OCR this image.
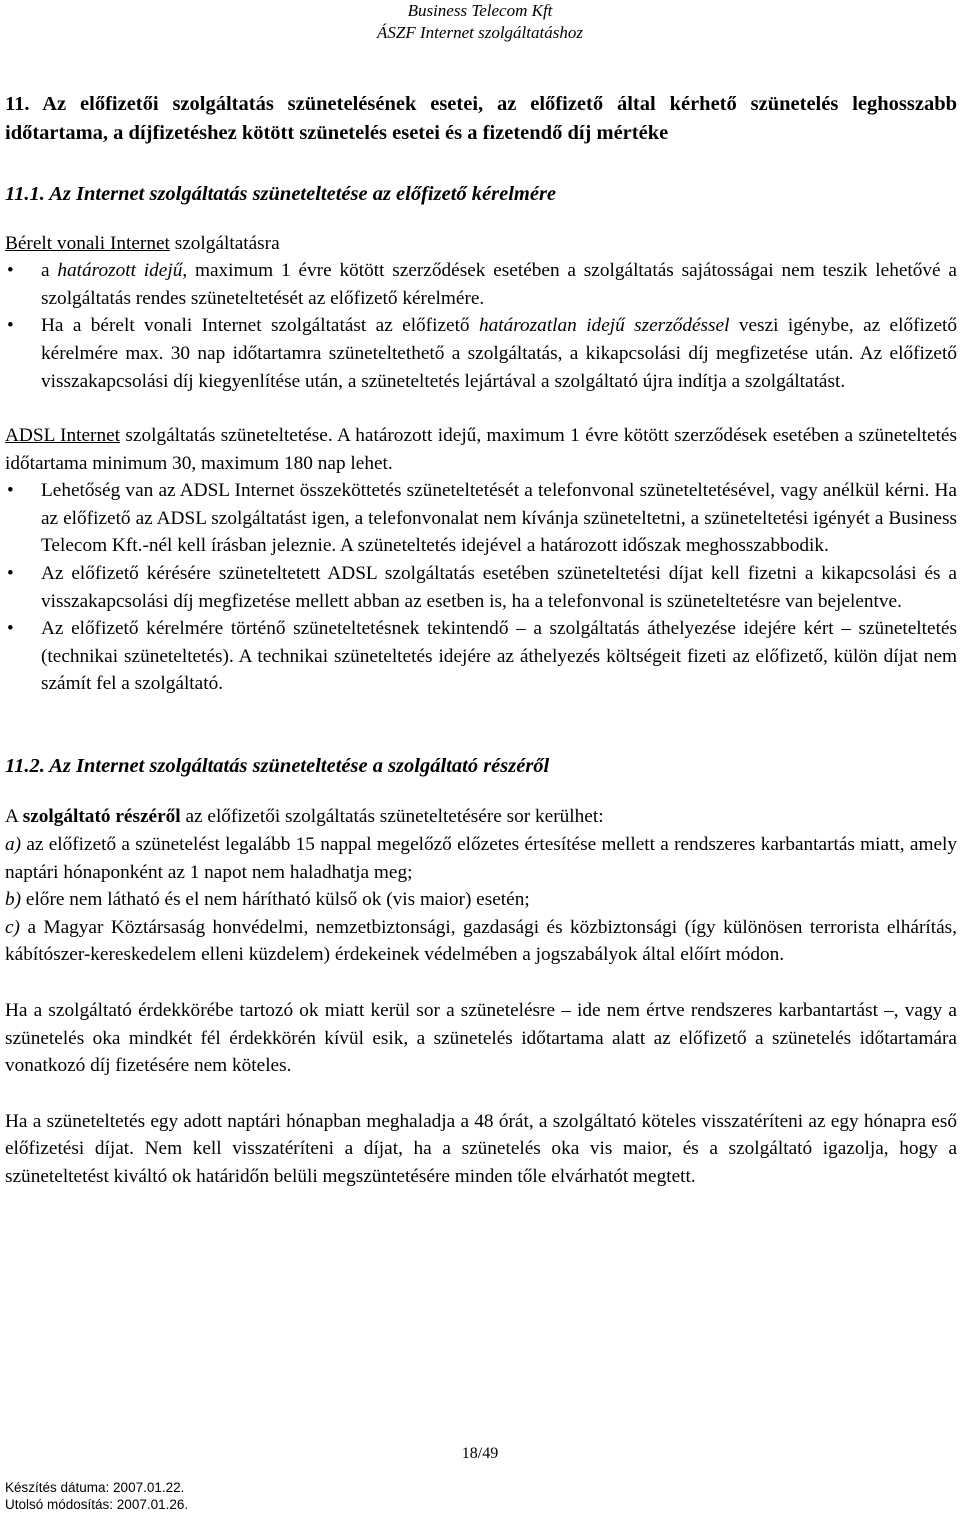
Business Telecom Kft
ÁSZF Internet szolgáltatáshoz

11. Az előfizetői szolgáltatás szünetelésének esetei, az előfizető által kérhető szünetelés leghosszabb időtartama, a díjfizetéshez kötött szünetelés esetei és a fizetendő díj mértéke

11.1. Az Internet szolgáltatás szüneteltetése az előfizető kérelmére

Bérelt vonali Internet szolgáltatásra

• a határozott idejű, maximum 1 évre kötött szerződések esetében a szolgáltatás sajátosságai nem teszik lehetővé a szolgáltatás rendes szüneteltetését az előfizető kérelmére.
• Ha a bérelt vonali Internet szolgáltatást az előfizető határozatlan idejű szerződéssel veszi igénybe, az előfizető kérelmére max. 30 nap időtartamra szüneteltethető a szolgáltatás, a kikapcsolási díj megfizetése után. Az előfizető visszakapcsolási díj kiegyenlítése után, a szüneteltetés lejártával a szolgáltató újra indítja a szolgáltatást.

ADSL Internet szolgáltatás szüneteltetése. A határozott idejű, maximum 1 évre kötött szerződések esetében a szüneteltetés időtartama minimum 30, maximum 180 nap lehet.

• Lehetőség van az ADSL Internet összeköttetés szüneteltetését a telefonvonal szüneteltetésével, vagy anélkül kérni. Ha az előfizető az ADSL szolgáltatást igen, a telefonvonalat nem kívánja szüneteltetni, a szüneteltetési igényét a Business Telecom Kft.-nél kell írásban jeleznie. A szüneteltetés idejével a határozott időszak meghosszabbodik.
• Az előfizető kérésére szüneteltetett ADSL szolgáltatás esetében szüneteltetési díjat kell fizetni a kikapcsolási és a visszakapcsolási díj megfizetése mellett abban az esetben is, ha a telefonvonal is szüneteltetésre van bejelentve.
• Az előfizető kérelmére történő szüneteltetésnek tekintendő – a szolgáltatás áthelyezése idejére kért – szüneteltetés (technikai szüneteltetés). A technikai szüneteltetés idejére az áthelyezés költségeit fizeti az előfizető, külön díjat nem számít fel a szolgáltató.

11.2. Az Internet szolgáltatás szüneteltetése a szolgáltató részéről

A szolgáltató részéről az előfizetői szolgáltatás szüneteltetésére sor kerülhet:

a) az előfizető a szünetelést legalább 15 nappal megelőző előzetes értesítése mellett a rendszeres karbantartás miatt, amely naptári hónaponként az 1 napot nem haladhatja meg;

b) előre nem látható és el nem hárítható külső ok (vis maior) esetén;

c) a Magyar Köztársaság honvédelmi, nemzetbiztonsági, gazdasági és közbiztonsági (így különösen terrorista elhárítás, kábítószer-kereskedelem elleni küzdelem) érdekeinek védelmében a jogszabályok által előírt módon.

Ha a szolgáltató érdekkörébe tartozó ok miatt kerül sor a szünetelésre – ide nem értve rendszeres karbantartást –, vagy a szünetelés oka mindkét fél érdekkörén kívül esik, a szünetelés időtartama alatt az előfizető a szünetelés időtartamára vonatkozó díj fizetésére nem köteles.

Ha a szüneteltetés egy adott naptári hónapban meghaladja a 48 órát, a szolgáltató köteles visszatéríteni az egy hónapra eső előfizetési díjat. Nem kell visszatéríteni a díjat, ha a szünetelés oka vis maior, és a szolgáltató igazolja, hogy a szüneteltetést kiváltó ok határidőn belüli megszüntetésére minden tőle elvárhatót megtett.

18/49
Készítés dátuma: 2007.01.22.
Utolsó módosítás: 2007.01.26.
